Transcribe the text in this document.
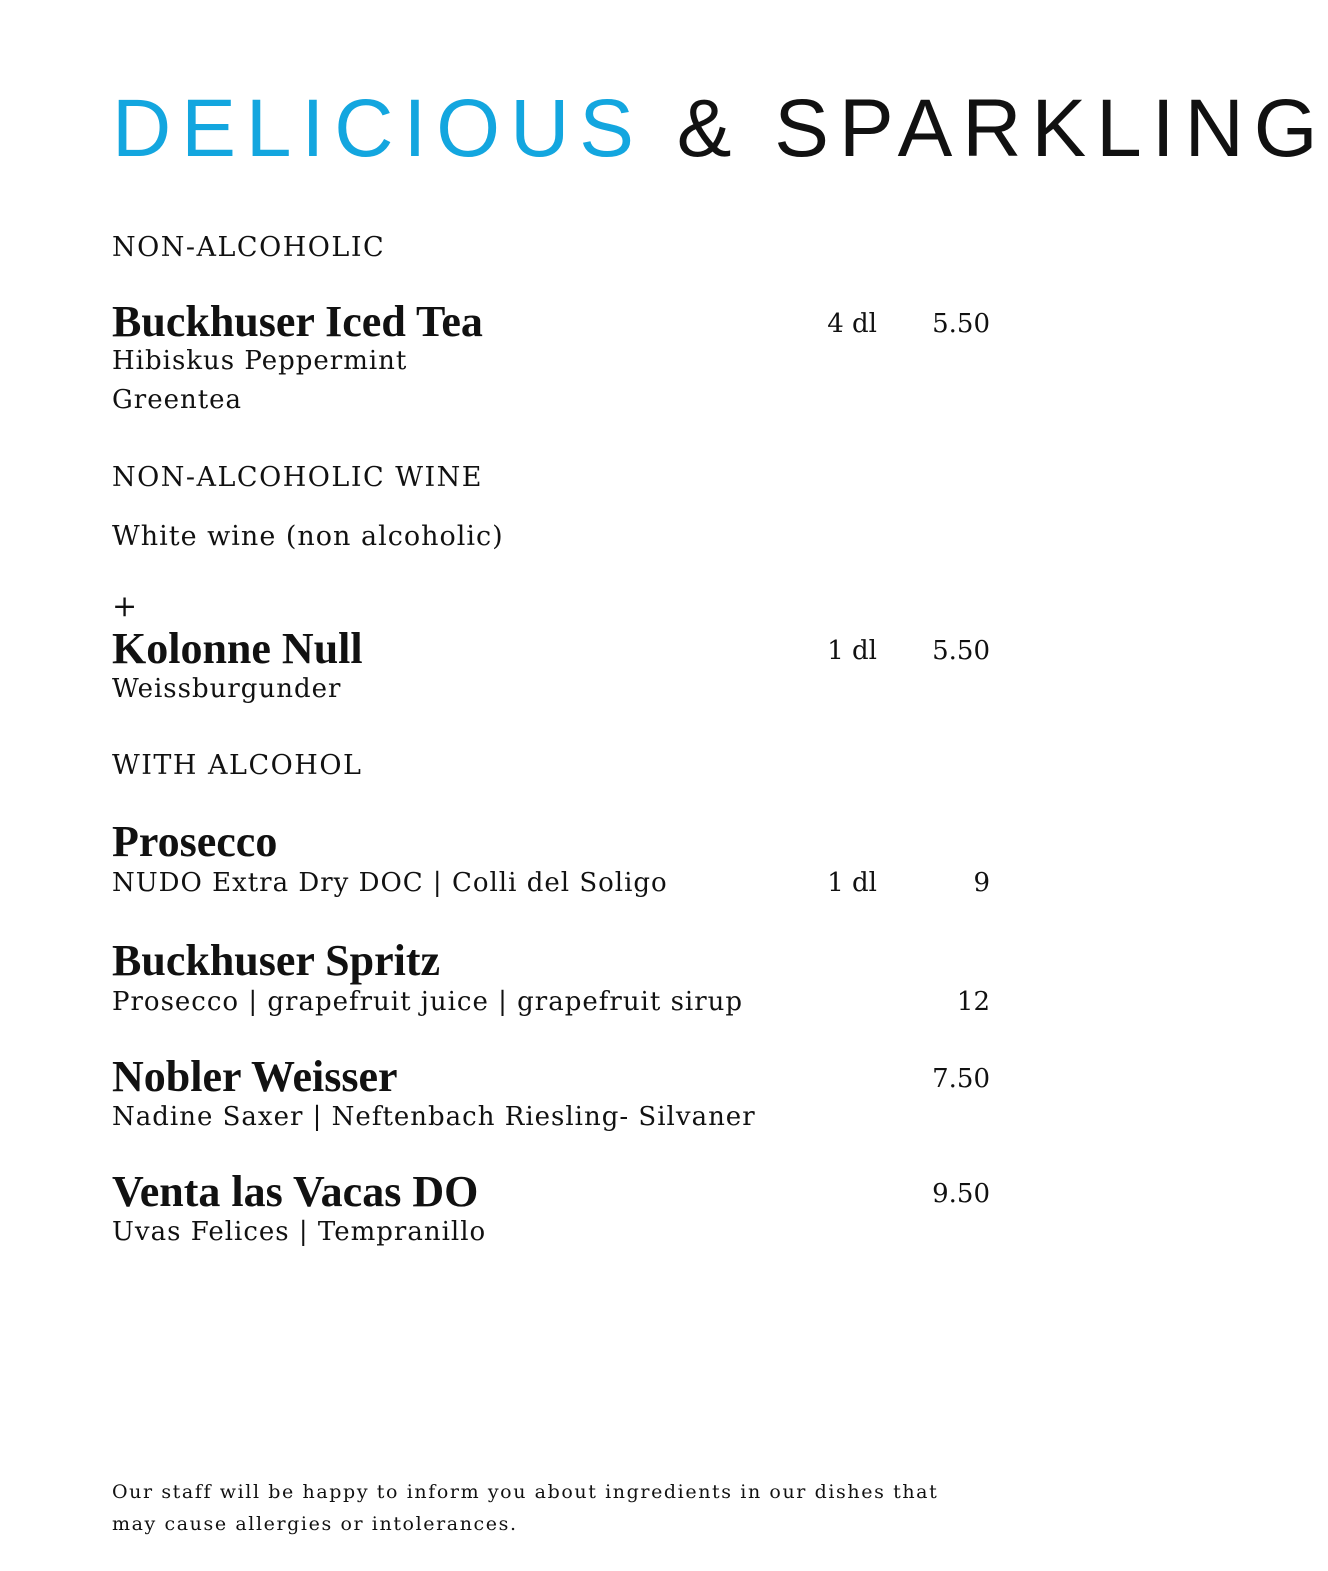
DELICIOUS & SPARKLING
NON-ALCOHOLIC
Buckhuser Iced Tea	4 dl 5.50
Hibiskus Peppermint
Greentea
NON-ALCOHOLIC WINE
White wine (non alcoholic)
+
Kolonne Null	1 dl 5.50
Weissburgunder
WITH ALCOHOL
Prosecco
NUDO Extra Dry DOC | Colli del Soligo	1 dl	9
Buckhuser Spritz
Prosecco | grapefruit juice | grapefruit sirup	12
Nobler Weisser	7.50
Nadine Saxer | Neftenbach Riesling- Silvaner
Venta las Vacas DO	9.50
Uvas Felices | Tempranillo
Our staff will be happy to inform you about ingredients in our dishes that may cause allergies or intolerances.
